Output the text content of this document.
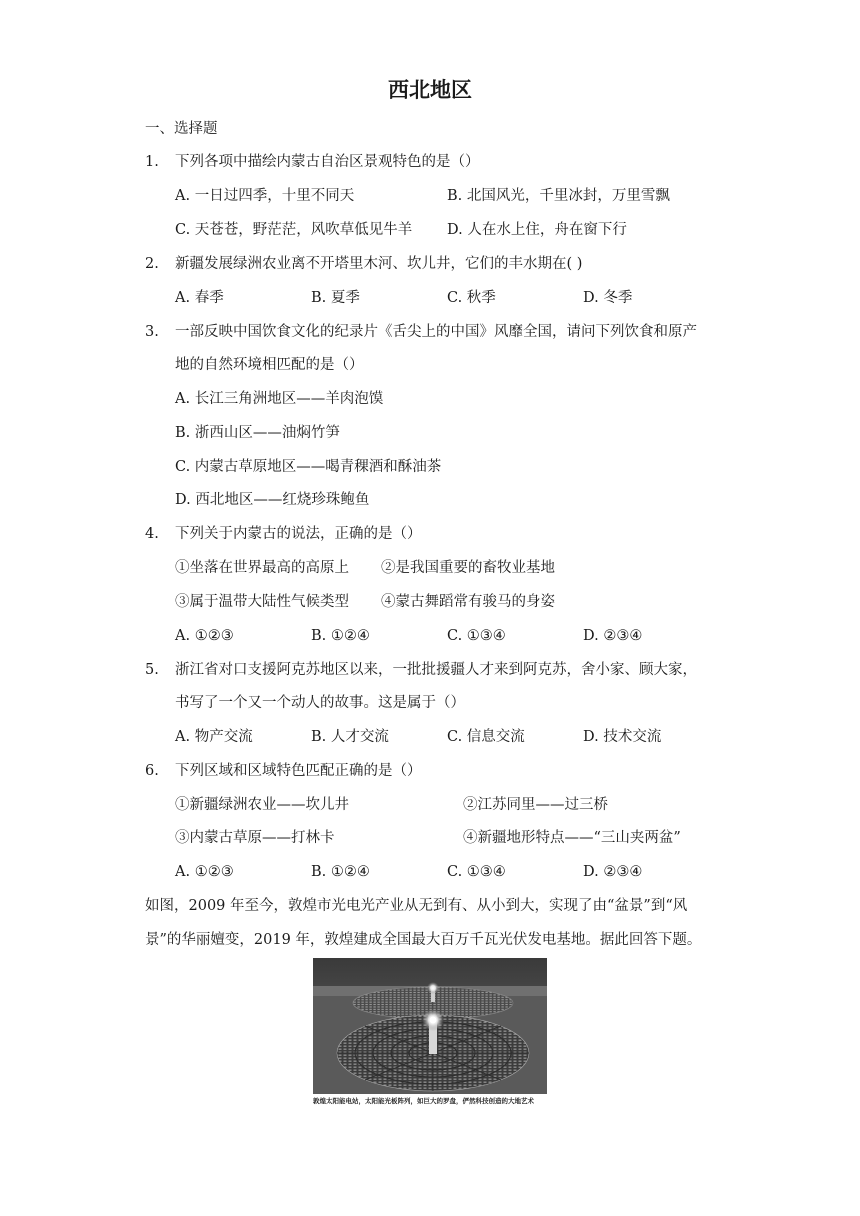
西北地区
一、选择题
1. 下列各项中描绘内蒙古自治区景观特色的是（）
A. 一日过四季，十里不同天	B. 北国风光，千里冰封，万里雪飘
C. 天苍苍，野茫茫，风吹草低见牛羊 D. 人在水上住，舟在窗下行
2. 新疆发展绿洲农业离不开塔里木河、坎儿井，它们的丰水期在( )
A. 春季	B. 夏季	C. 秋季	D. 冬季
3. 一部反映中国饮食文化的纪录片《舌尖上的中国》风靡全国，请问下列饮食和原产
地的自然环境相匹配的是（）
A. 长江三角洲地区——羊肉泡馍
B. 浙西山区——油焖竹笋
C. 内蒙古草原地区——喝青稞酒和酥油茶
D. 西北地区——红烧珍珠鲍鱼
4. 下列关于内蒙古的说法，正确的是（）
①坐落在世界最高的高原上 ②是我国重要的畜牧业基地
③属于温带大陆性气候类型 ④蒙古舞蹈常有骏马的身姿
A. ①②③	B. ①②④	C. ①③④	D. ②③④
5. 浙江省对口支援阿克苏地区以来，一批批援疆人才来到阿克苏，舍小家、顾大家，
书写了一个又一个动人的故事。这是属于（）
A. 物产交流	B. 人才交流	C. 信息交流	D. 技术交流
6. 下列区域和区域特色匹配正确的是（）
①新疆绿洲农业——坎儿井	②江苏同里——过三桥
③内蒙古草原——打林卡	④新疆地形特点——“三山夹两盆”
A. ①②③	B. ①②④	C. ①③④	D. ②③④
如图，2009 年至今，敦煌市光电光产业从无到有、从小到大，实现了由“盆景”到“风
景”的华丽嬗变，2019 年，敦煌建成全国最大百万千瓦光伏发电基地。据此回答下题。
敦煌太阳能电站，太阳能光板阵列，如巨大的罗盘，俨然科技创造的大地艺术
